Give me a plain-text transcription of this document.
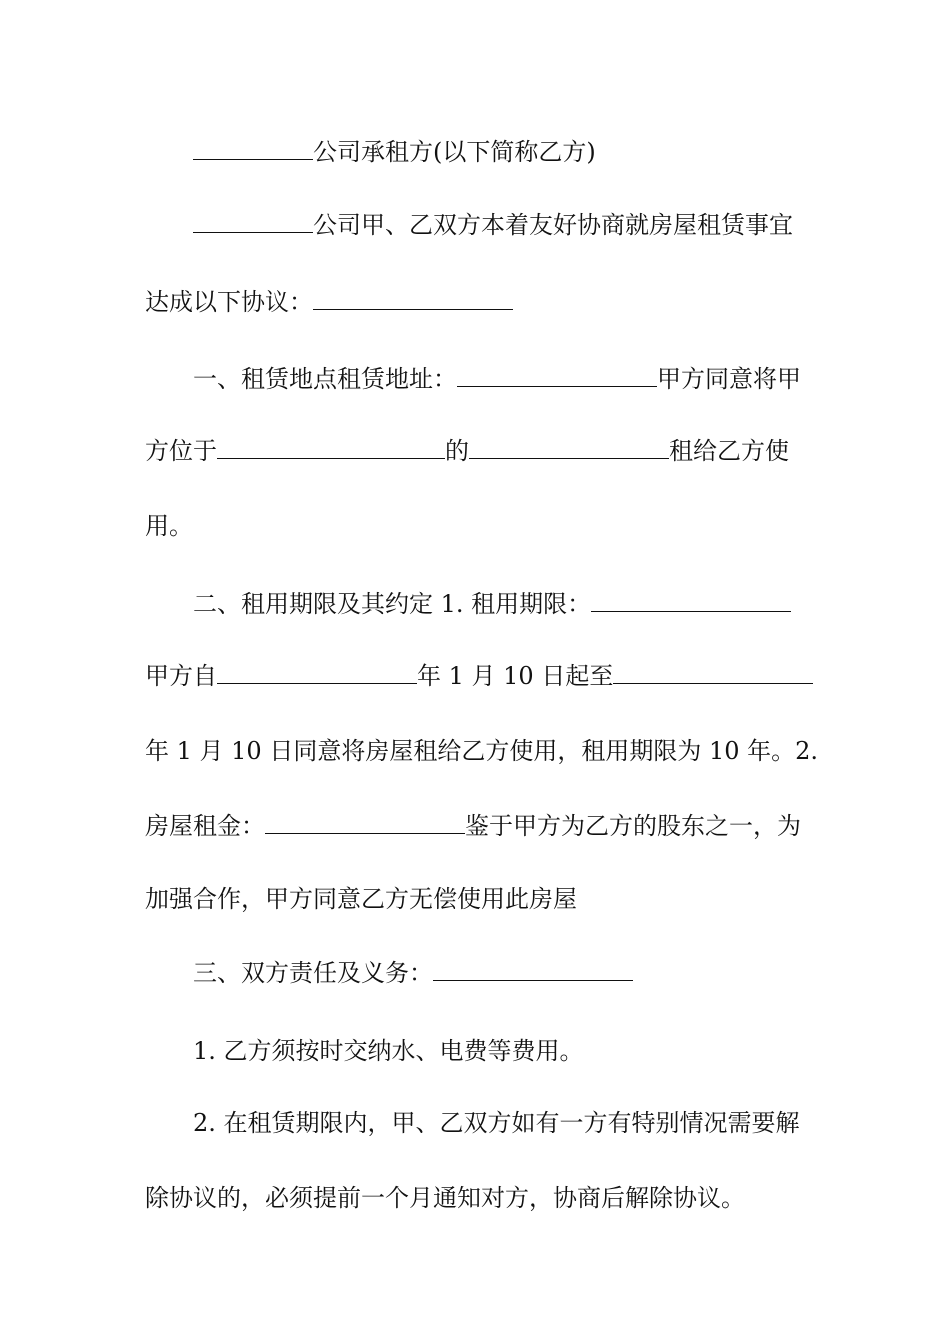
公司承租方(以下简称乙方)
公司甲、乙双方本着友好协商就房屋租赁事宜
达成以下协议：
一、租赁地点租赁地址：	甲方同意将甲
方位于	的	租给乙方使
用。
二、租用期限及其约定 1. 租用期限：
甲方自	年 1 月 10 日起至
年 1 月 10 日同意将房屋租给乙方使用，租用期限为 10 年。2.
房屋租金：	鉴于甲方为乙方的股东之一，为
加强合作，甲方同意乙方无偿使用此房屋
三、双方责任及义务：
1. 乙方须按时交纳水、电费等费用。
2. 在租赁期限内，甲、乙双方如有一方有特别情况需要解
除协议的，必须提前一个月通知对方，协商后解除协议。
